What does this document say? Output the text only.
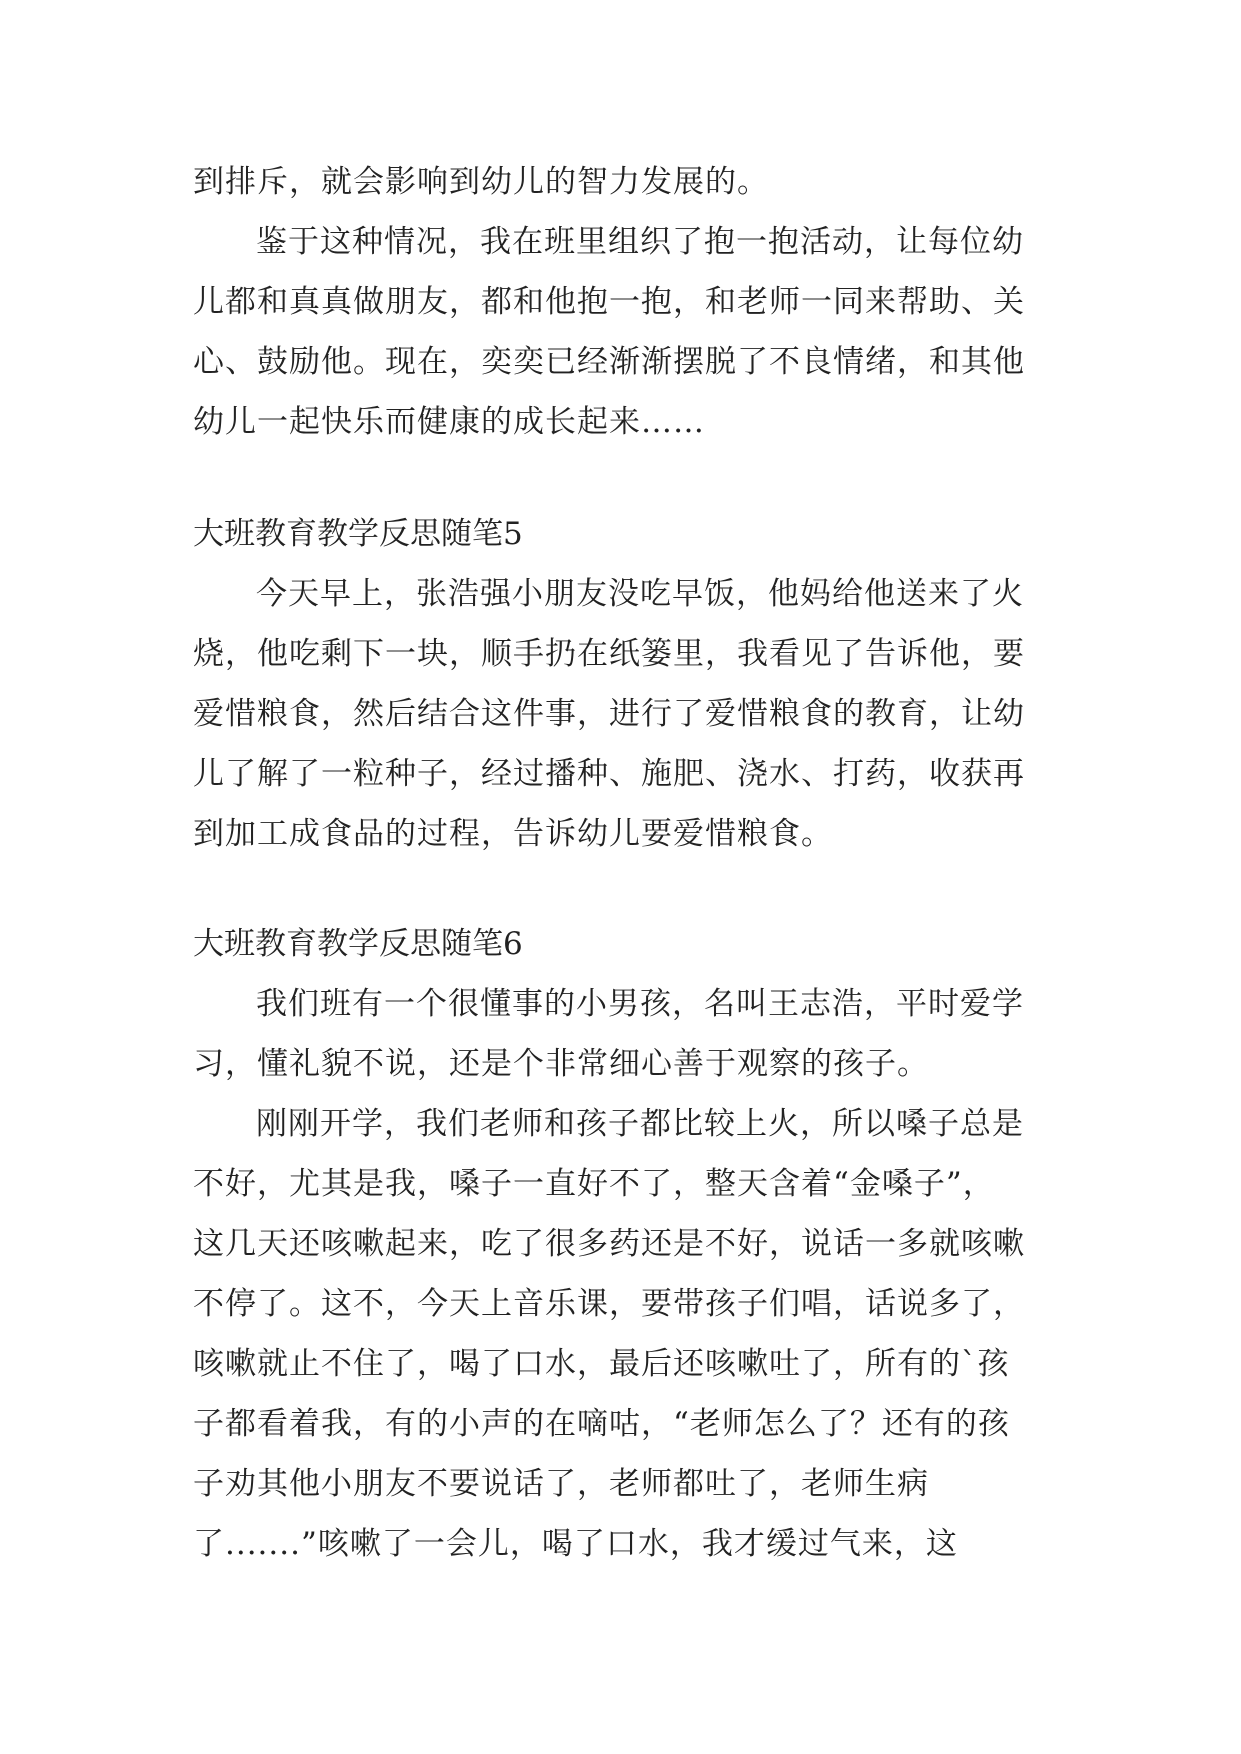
到排斥，就会影响到幼儿的智力发展的。
鉴于这种情况，我在班里组织了抱一抱活动，让每位幼
儿都和真真做朋友，都和他抱一抱，和老师一同来帮助、关
心、鼓励他。现在，奕奕已经渐渐摆脱了不良情绪，和其他
幼儿一起快乐而健康的成长起来……
大班教育教学反思随笔5
今天早上，张浩强小朋友没吃早饭，他妈给他送来了火
烧，他吃剩下一块，顺手扔在纸篓里，我看见了告诉他，要
爱惜粮食，然后结合这件事，进行了爱惜粮食的教育，让幼
儿了解了一粒种子，经过播种、施肥、浇水、打药，收获再
到加工成食品的过程，告诉幼儿要爱惜粮食。
大班教育教学反思随笔6
我们班有一个很懂事的小男孩，名叫王志浩，平时爱学
习，懂礼貌不说，还是个非常细心善于观察的孩子。
刚刚开学，我们老师和孩子都比较上火，所以嗓子总是
不好，尤其是我，嗓子一直好不了，整天含着“金嗓子”，
这几天还咳嗽起来，吃了很多药还是不好，说话一多就咳嗽
不停了。这不，今天上音乐课，要带孩子们唱，话说多了，
咳嗽就止不住了，喝了口水，最后还咳嗽吐了，所有的`孩
子都看着我，有的小声的在嘀咕，“老师怎么了？还有的孩
子劝其他小朋友不要说话了，老师都吐了，老师生病
了.......”咳嗽了一会儿，喝了口水，我才缓过气来，这
